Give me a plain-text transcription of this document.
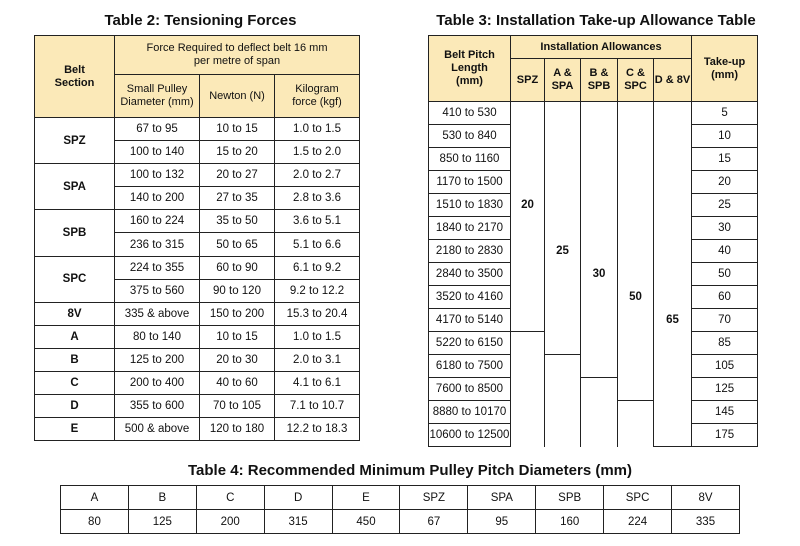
Table 2: Tensioning Forces
Belt Section	Force Required to deflect belt 16 mm per metre of span		
	Small Pulley Diameter (mm)	Newton (N)	Kilogram force (kgf)
SPZ	67 to 95	10 to 15	1.0 to 1.5
	100 to 140	15 to 20	1.5 to 2.0
SPA	100 to 132	20 to 27	2.0 to 2.7
	140 to 200	27 to 35	2.8 to 3.6
SPB	160 to 224	35 to 50	3.6 to 5.1
	236 to 315	50 to 65	5.1 to 6.6
SPC	224 to 355	60 to 90	6.1 to 9.2
	375 to 560	90 to 120	9.2 to 12.2
8V	335 & above	150 to 200	15.3 to 20.4
A	80 to 140	10 to 15	1.0 to 1.5
B	125 to 200	20 to 30	2.0 to 3.1
C	200 to 400	40 to 60	4.1 to 6.1
D	355 to 600	70 to 105	7.1 to 10.7
E	500 & above	120 to 180	12.2 to 18.3
Table 3: Installation Take-up Allowance Table
Belt Pitch Length (mm)	Installation Allowances					Take-up (mm)
	SPZ	A & SPA	B & SPB	C & SPC	D & 8V	
410 to 530						5
530 to 840						10
850 to 1160						15
1170 to 1500						20
1510 to 1830	20					25
1840 to 2170						30
2180 to 2830		25				40
2840 to 3500			30			50
3520 to 4160				50		60
4170 to 5140					65	70
5220 to 6150						85
6180 to 7500						105
7600 to 8500						125
8880 to 10170						145
10600 to 12500						175
Table 4: Recommended Minimum Pulley Pitch Diameters (mm)
A	B	C	D	E	SPZ	SPA	SPB	SPC	8V
80	125	200	315	450	67	95	160	224	335
